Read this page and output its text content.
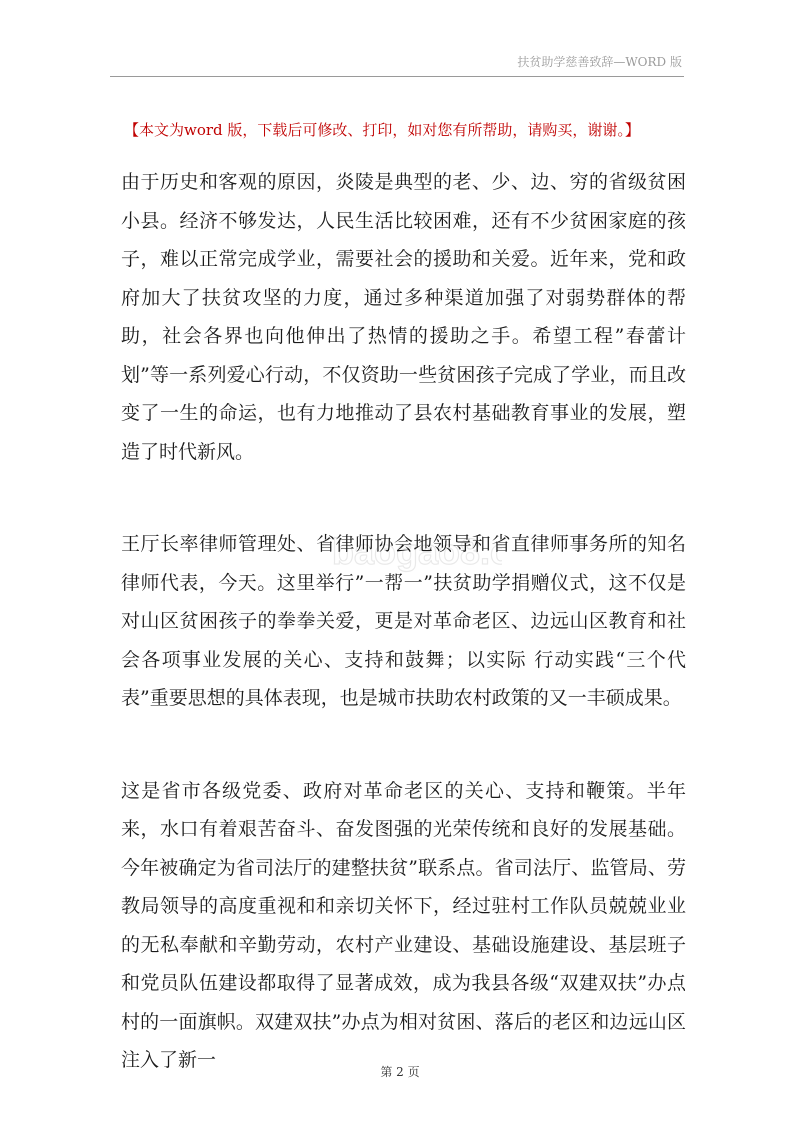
扶贫助学慈善致辞—WORD 版
【本文为word 版，下载后可修改、打印，如对您有所帮助，请购买，谢谢。】
baogao8.c

由于历史和客观的原因，炎陵是典型的老、少、边、穷的省级贫困小县。经济不够发达，人民生活比较困难，还有不少贫困家庭的孩子，难以正常完成学业，需要社会的援助和关爱。近年来，党和政府加大了扶贫攻坚的力度，通过多种渠道加强了对弱势群体的帮助，社会各界也向他伸出了热情的援助之手。希望工程”春蕾计划”等一系列爱心行动，不仅资助一些贫困孩子完成了学业，而且改变了一生的命运，也有力地推动了县农村基础教育事业的发展，塑造了时代新风。

王厅长率律师管理处、省律师协会地领导和省直律师事务所的知名律师代表，今天。这里举行”一帮一”扶贫助学捐赠仪式，这不仅是对山区贫困孩子的拳拳关爱，更是对革命老区、边远山区教育和社会各项事业发展的关心、支持和鼓舞；以实际 行动实践“三个代表”重要思想的具体表现，也是城市扶助农村政策的又一丰硕成果。

这是省市各级党委、政府对革命老区的关心、支持和鞭策。半年来，水口有着艰苦奋斗、奋发图强的光荣传统和良好的发展基础。今年被确定为省司法厅的建整扶贫”联系点。省司法厅、监管局、劳教局领导的高度重视和和亲切关怀下，经过驻村工作队员兢兢业业的无私奉献和辛勤劳动，农村产业建设、基础设施建设、基层班子和党员队伍建设都取得了显著成效，成为我县各级“双建双扶”办点村的一面旗帜。双建双扶”办点为相对贫困、落后的老区和边远山区注入了新一

第 2 页
